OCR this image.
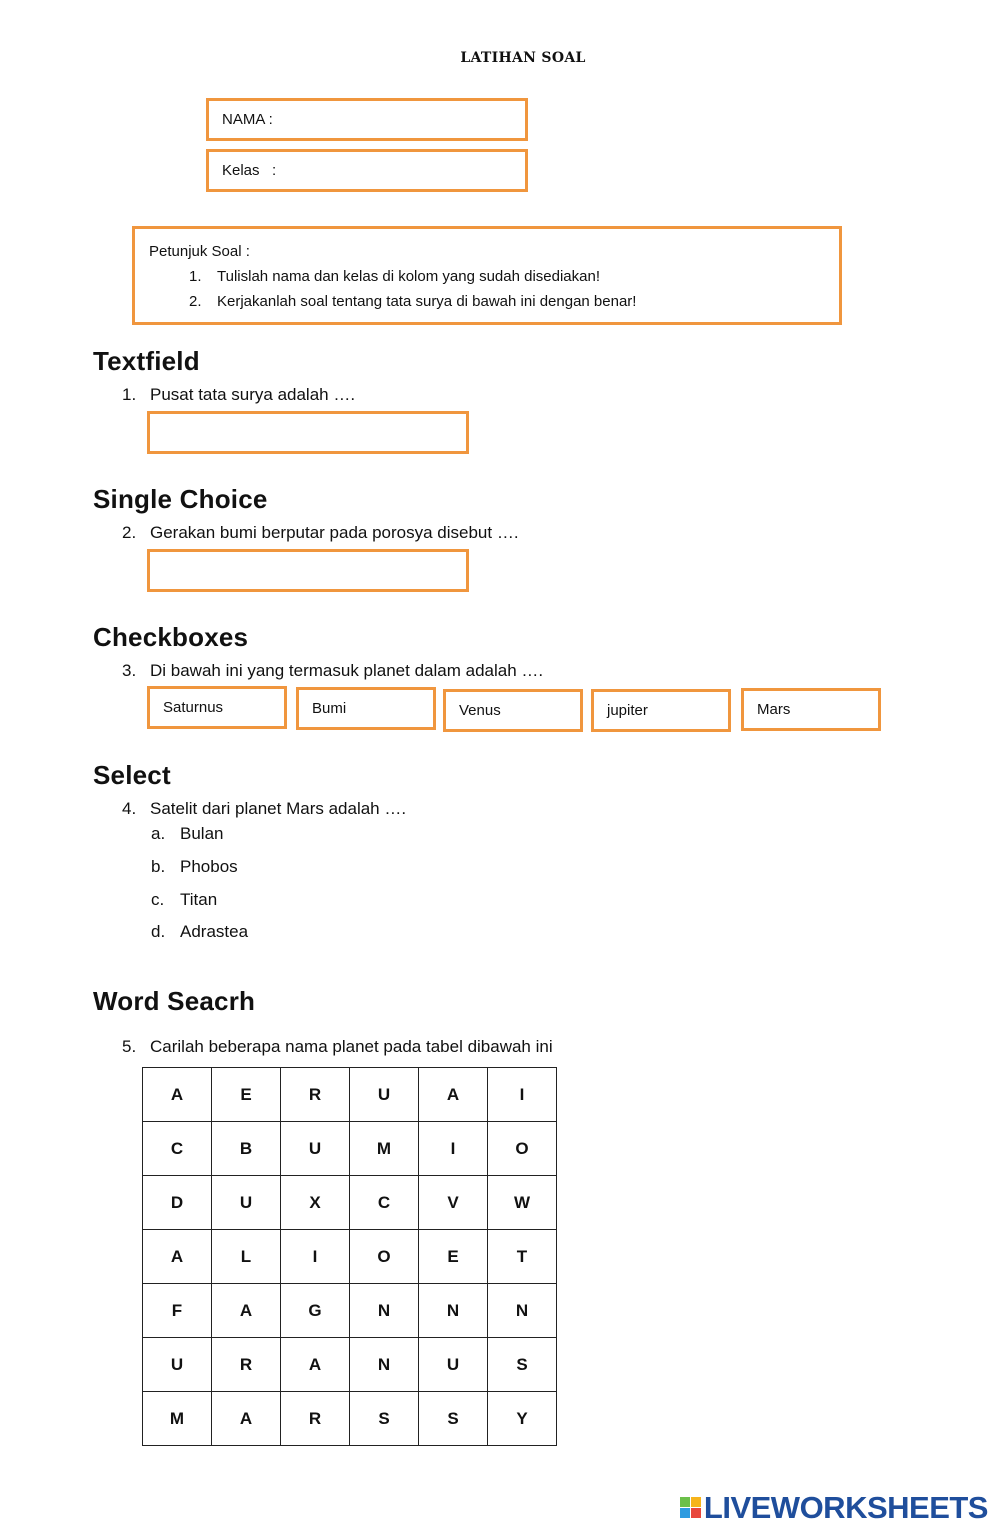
LATIHAN SOAL
NAMA :
Kelas   :
Petunjuk Soal :
1. Tulislah nama dan kelas di kolom yang sudah disediakan!
2. Kerjakanlah soal tentang tata surya di bawah ini dengan benar!
Textfield
1. Pusat tata surya adalah ….
Single Choice
2. Gerakan bumi berputar pada porosya disebut ….
Checkboxes
3. Di bawah ini yang termasuk planet dalam adalah ….
Saturnus	Bumi	Venus	jupiter	Mars
Select
4. Satelit dari planet Mars adalah ….
a. Bulan
b. Phobos
c. Titan
d. Adrastea
Word Seacrh
5. Carilah beberapa nama planet pada tabel dibawah ini
A	E	R	U	A	I
C	B	U	M	I	O
D	U	X	C	V	W
A	L	I	O	E	T
F	A	G	N	N	N
U	R	A	N	U	S
M	A	R	S	S	Y
LIVEWORKSHEETS
